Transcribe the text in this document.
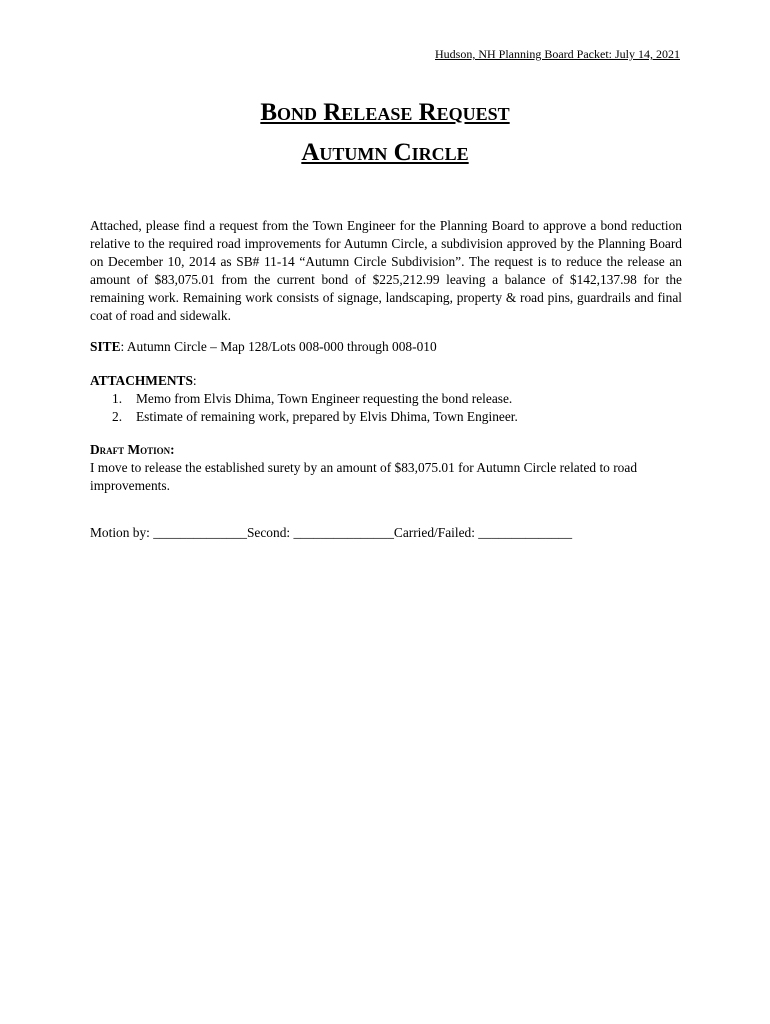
Hudson, NH Planning Board Packet: July 14, 2021
Bond Release Request
Autumn Circle
Attached, please find a request from the Town Engineer for the Planning Board to approve a bond reduction relative to the required road improvements for Autumn Circle, a subdivision approved by the Planning Board on December 10, 2014 as SB# 11-14 “Autumn Circle Subdivision”. The request is to reduce the release an amount of $83,075.01 from the current bond of $225,212.99 leaving a balance of $142,137.98 for the remaining work. Remaining work consists of signage, landscaping, property & road pins, guardrails and final coat of road and sidewalk.
SITE: Autumn Circle – Map 128/Lots 008-000 through 008-010
ATTACHMENTS:
1. Memo from Elvis Dhima, Town Engineer requesting the bond release.
2. Estimate of remaining work, prepared by Elvis Dhima, Town Engineer.
Draft Motion:
I move to release the established surety by an amount of $83,075.01 for Autumn Circle related to road improvements.
Motion by: ______________Second: _______________Carried/Failed: ______________
